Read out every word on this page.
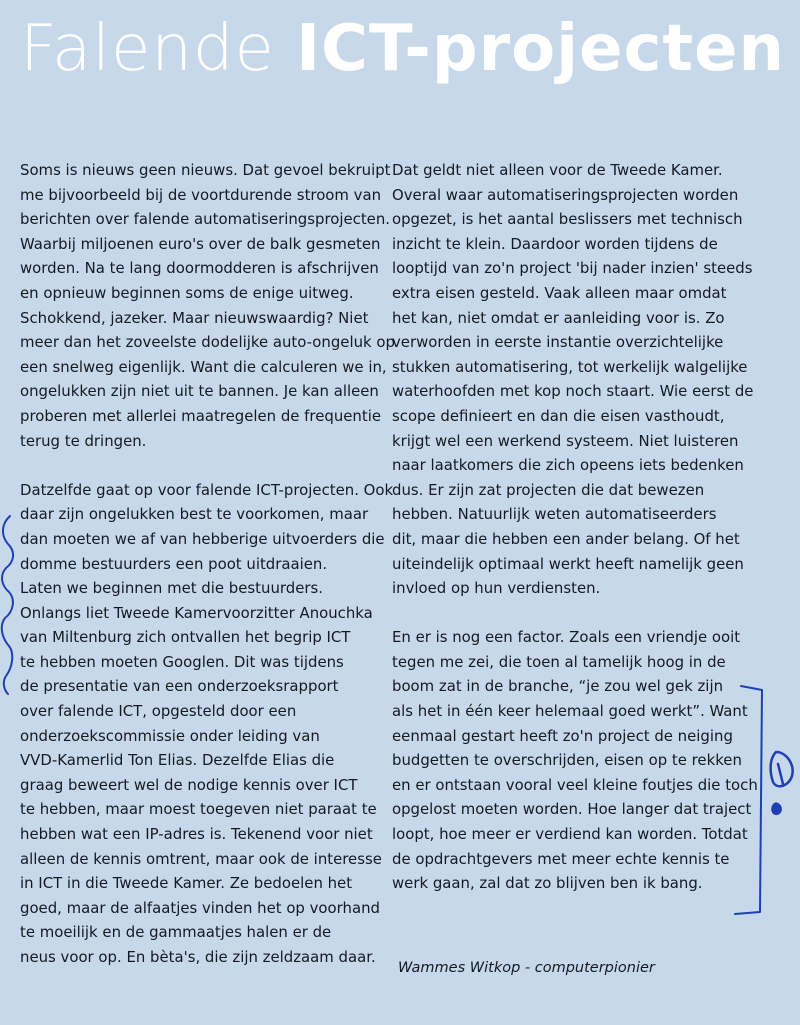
Falende ICT-projecten
Soms is nieuws geen nieuws. Dat gevoel bekruipt
me bijvoorbeeld bij de voortdurende stroom van
berichten over falende automatiseringsprojecten.
Waarbij miljoenen euro's over de balk gesmeten
worden. Na te lang doormodderen is afschrijven
en opnieuw beginnen soms de enige uitweg.
Schokkend, jazeker. Maar nieuwswaardig? Niet
meer dan het zoveelste dodelijke auto-ongeluk op
een snelweg eigenlijk. Want die calculeren we in,
ongelukken zijn niet uit te bannen. Je kan alleen
proberen met allerlei maatregelen de frequentie
terug te dringen.
Datzelfde gaat op voor falende ICT-projecten. Ook
daar zijn ongelukken best te voorkomen, maar
dan moeten we af van hebberige uitvoerders die
domme bestuurders een poot uitdraaien.
Laten we beginnen met die bestuurders.
Onlangs liet Tweede Kamervoorzitter Anouchka
van Miltenburg zich ontvallen het begrip ICT
te hebben moeten Googlen. Dit was tijdens
de presentatie van een onderzoeksrapport
over falende ICT, opgesteld door een
onderzoekscommissie onder leiding van
VVD-Kamerlid Ton Elias. Dezelfde Elias die
graag beweert wel de nodige kennis over ICT
te hebben, maar moest toegeven niet paraat te
hebben wat een IP-adres is. Tekenend voor niet
alleen de kennis omtrent, maar ook de interesse
in ICT in die Tweede Kamer. Ze bedoelen het
goed, maar de alfaatjes vinden het op voorhand
te moeilijk en de gammaatjes halen er de
neus voor op. En bèta's, die zijn zeldzaam daar.
Dat geldt niet alleen voor de Tweede Kamer.
Overal waar automatiseringsprojecten worden
opgezet, is het aantal beslissers met technisch
inzicht te klein. Daardoor worden tijdens de
looptijd van zo'n project 'bij nader inzien' steeds
extra eisen gesteld. Vaak alleen maar omdat
het kan, niet omdat er aanleiding voor is. Zo
verworden in eerste instantie overzichtelijke
stukken automatisering, tot werkelijk walgelijke
waterhoofden met kop noch staart. Wie eerst de
scope definieert en dan die eisen vasthoudt,
krijgt wel een werkend systeem. Niet luisteren
naar laatkomers die zich opeens iets bedenken
dus. Er zijn zat projecten die dat bewezen
hebben. Natuurlijk weten automatiseerders
dit, maar die hebben een ander belang. Of het
uiteindelijk optimaal werkt heeft namelijk geen
invloed op hun verdiensten.
En er is nog een factor. Zoals een vriendje ooit
tegen me zei, die toen al tamelijk hoog in de
boom zat in de branche, “je zou wel gek zijn
als het in één keer helemaal goed werkt”. Want
eenmaal gestart heeft zo'n project de neiging
budgetten te overschrijden, eisen op te rekken
en er ontstaan vooral veel kleine foutjes die toch
opgelost moeten worden. Hoe langer dat traject
loopt, hoe meer er verdiend kan worden. Totdat
de opdrachtgevers met meer echte kennis te
werk gaan, zal dat zo blijven ben ik bang.
Wammes Witkop - computerpionier
